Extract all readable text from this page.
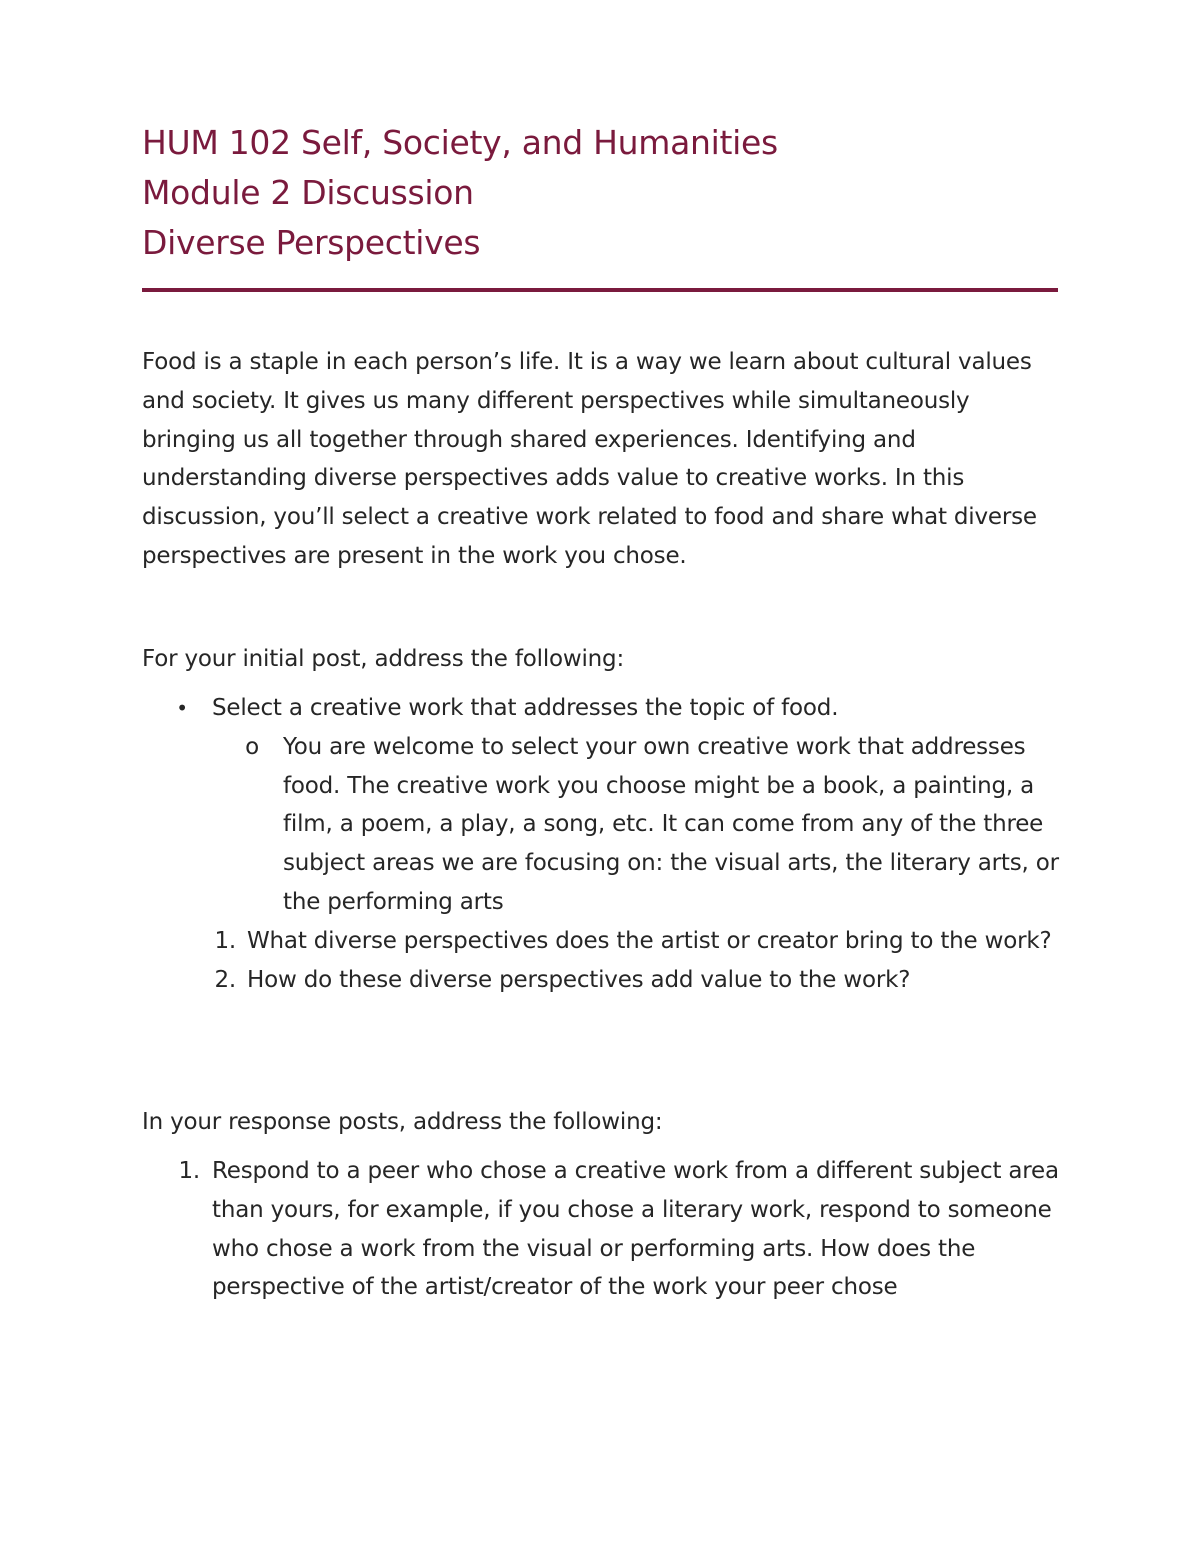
HUM 102 Self, Society, and Humanities
Module 2 Discussion
Diverse Perspectives

Food is a staple in each person’s life. It is a way we learn about cultural values and society. It gives us many different perspectives while simultaneously bringing us all together through shared experiences. Identifying and understanding diverse perspectives adds value to creative works. In this discussion, you’ll select a creative work related to food and share what diverse perspectives are present in the work you chose.

For your initial post, address the following:

• Select a creative work that addresses the topic of food.
o You are welcome to select your own creative work that addresses food. The creative work you choose might be a book, a painting, a film, a poem, a play, a song, etc. It can come from any of the three subject areas we are focusing on: the visual arts, the literary arts, or the performing arts
1. What diverse perspectives does the artist or creator bring to the work?
2. How do these diverse perspectives add value to the work?

In your response posts, address the following:

1. Respond to a peer who chose a creative work from a different subject area than yours, for example, if you chose a literary work, respond to someone who chose a work from the visual or performing arts. How does the perspective of the artist/creator of the work your peer chose
